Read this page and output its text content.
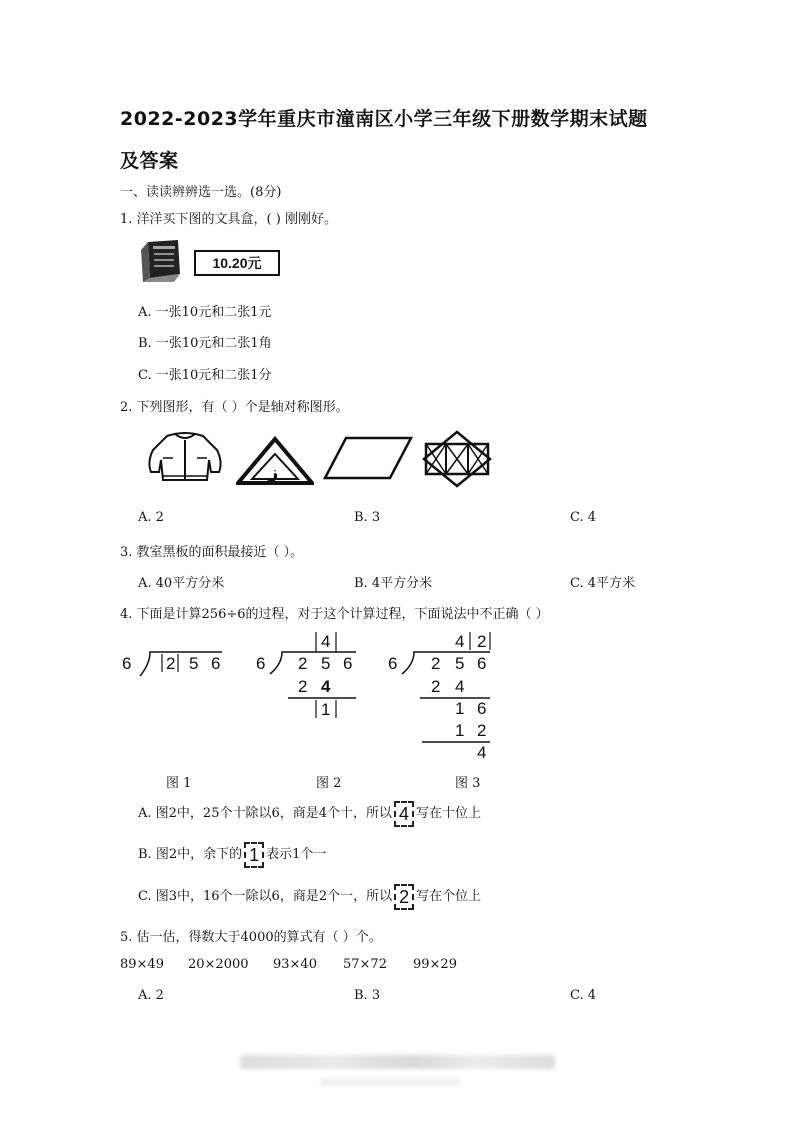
2022-2023学年重庆市潼南区小学三年级下册数学期末试题
及答案
一、读读辨辨选一选。(8分)
1. 洋洋买下图的文具盒，( ) 刚刚好。
10.20元
A. 一张10元和二张1元
B. 一张10元和二张1角
C. 一张10元和二张1分
2. 下列图形，有（ ）个是轴对称图形。
ز
A. 2	B. 3	C. 4
3. 教室黑板的面积最接近（ ）。
A. 40平方分米	B. 4平方分米	C. 4平方米
4. 下面是计算256÷6的过程，对于这个计算过程，下面说法中不正确（ ）
6 2 5 6
4
6 2 5 6
2 4
1
4 2
6 2 5 6
2 4
1 6
1 2
4
图 1	图 2	图 3
A. 图2中，25个十除以6，商是4个十，所以 4 写在十位上
B. 图2中，余下的 1 表示1个一
C. 图3中，16个一除以6，商是2个一，所以 2 写在个位上
5. 估一估，得数大于4000的算式有（ ）个。
89×49 20×2000 93×40 57×72 99×29
A. 2	B. 3	C. 4
